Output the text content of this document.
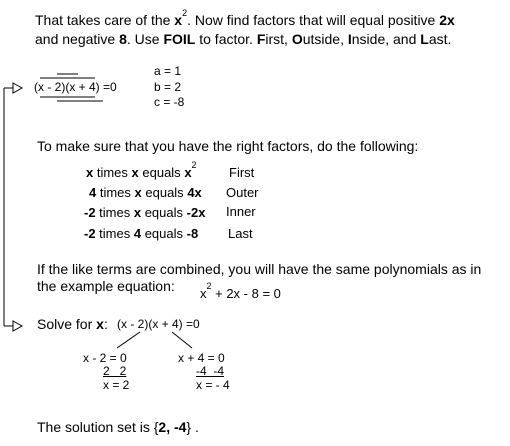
That takes care of the $x^2$. Now find factors that will equal positive 2x
and negative 8. Use FOIL to factor. First, Outside, Inside, and Last.
(x - 2)(x + 4) =0
a = 1
b = 2
c = -8
To make sure that you have the right factors, do the following:
x times x equals $x^2$ First
4 times x equals 4x Outer
-2 times x equals -2x Inner
-2 times 4 equals -8 Last
If the like terms are combined, you will have the same polynomials as in
the example equation: $x^2 + 2x - 8 = 0$
Solve for x: (x - 2)(x + 4) =0
x - 2 = 0
2   2
x = 2
x + 4 = 0
-4  -4
x = - 4
The solution set is {2, -4} .
